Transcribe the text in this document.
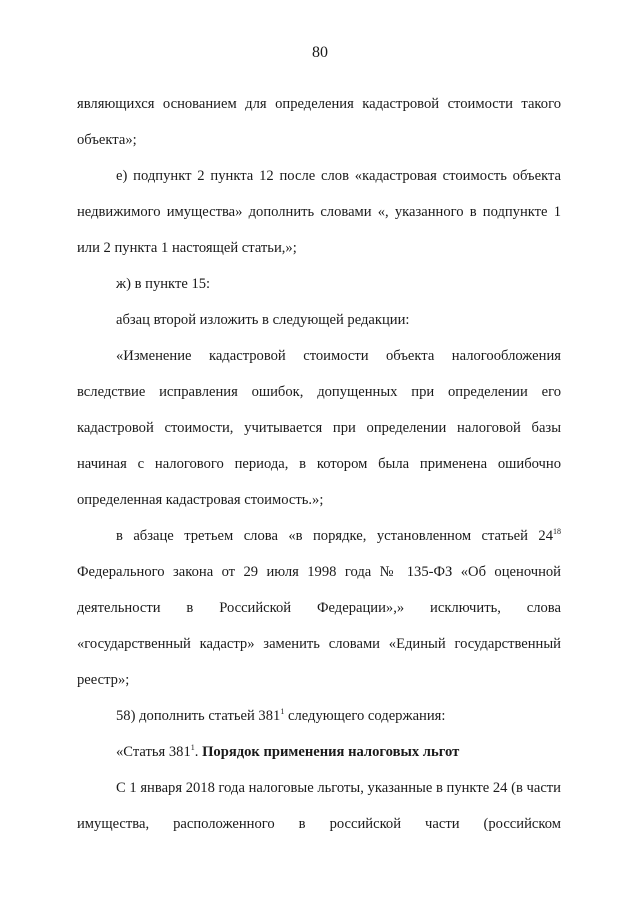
80

являющихся основанием для определения кадастровой стоимости такого объекта»;

е) подпункт 2 пункта 12 после слов «кадастровая стоимость объекта недвижимого имущества» дополнить словами «, указанного в подпункте 1 или 2 пункта 1 настоящей статьи,»;

ж) в пункте 15:

абзац второй изложить в следующей редакции:

«Изменение кадастровой стоимости объекта налогообложения вследствие исправления ошибок, допущенных при определении его кадастровой стоимости, учитывается при определении налоговой базы начиная с налогового периода, в котором была применена ошибочно определенная кадастровая стоимость.»;

в абзаце третьем слова «в порядке, установленном статьей $24^{18}$ Федерального закона от 29 июля 1998 года № 135-ФЗ «Об оценочной деятельности в Российской Федерации»,» исключить, слова «государственный кадастр» заменить словами «Единый государственный реестр»;

58) дополнить статьей $381^1$ следующего содержания:

«Статья $381^1$. Порядок применения налоговых льгот

С 1 января 2018 года налоговые льготы, указанные в пункте 24 (в части имущества, расположенного в российской части (российском
